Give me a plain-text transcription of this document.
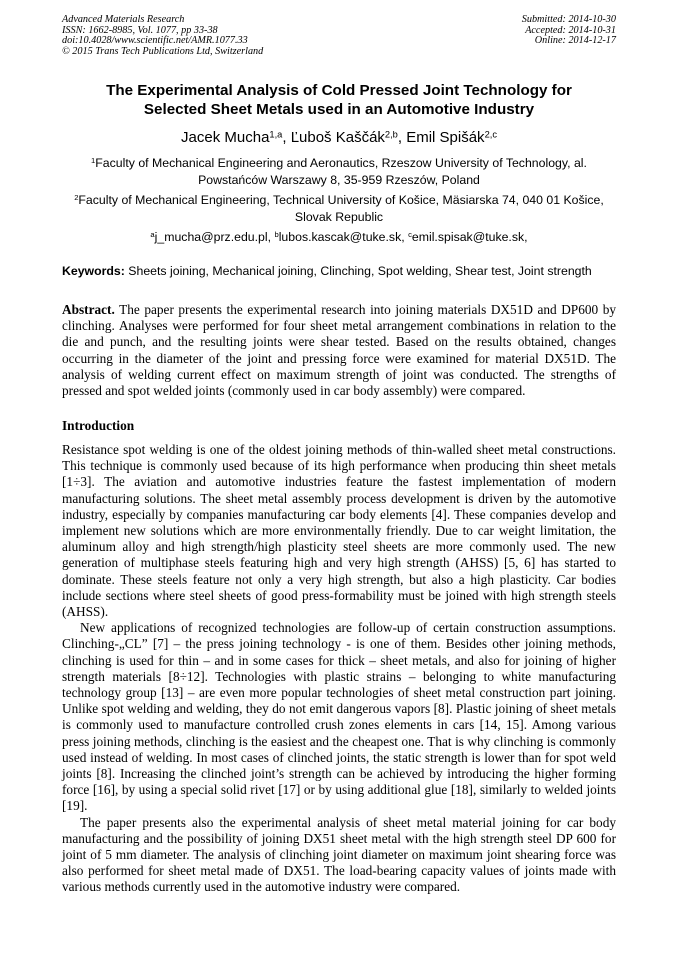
Advanced Materials Research
ISSN: 1662-8985, Vol. 1077, pp 33-38
doi:10.4028/www.scientific.net/AMR.1077.33
© 2015 Trans Tech Publications Ltd, Switzerland
Submitted: 2014-10-30
Accepted: 2014-10-31
Online: 2014-12-17
The Experimental Analysis of Cold Pressed Joint Technology for
Selected Sheet Metals used in an Automotive Industry
Jacek Mucha$^{1,a}$, Ľuboš Kaščák$^{2,b}$, Emil Spišák$^{2,c}$
$^1$Faculty of Mechanical Engineering and Aeronautics, Rzeszow University of Technology, al.
Powstańców Warszawy 8, 35-959 Rzeszów, Poland
$^2$Faculty of Mechanical Engineering, Technical University of Košice, Mäsiarska 74, 040 01 Košice,
Slovak Republic
$^a$j_mucha@prz.edu.pl, $^b$lubos.kascak@tuke.sk, $^c$emil.spisak@tuke.sk,
Keywords: Sheets joining, Mechanical joining, Clinching, Spot welding, Shear test, Joint strength
Abstract. The paper presents the experimental research into joining materials DX51D and DP600 by clinching. Analyses were performed for four sheet metal arrangement combinations in relation to the die and punch, and the resulting joints were shear tested. Based on the results obtained, changes occurring in the diameter of the joint and pressing force were examined for material DX51D. The analysis of welding current effect on maximum strength of joint was conducted. The strengths of pressed and spot welded joints (commonly used in car body assembly) were compared.
Introduction

Resistance spot welding is one of the oldest joining methods of thin-walled sheet metal constructions. This technique is commonly used because of its high performance when producing thin sheet metals [1÷3]. The aviation and automotive industries feature the fastest implementation of modern manufacturing solutions. The sheet metal assembly process development is driven by the automotive industry, especially by companies manufacturing car body elements [4]. These companies develop and implement new solutions which are more environmentally friendly. Due to car weight limitation, the aluminum alloy and high strength/high plasticity steel sheets are more commonly used. The new generation of multiphase steels featuring high and very high strength (AHSS) [5, 6] has started to dominate. These steels feature not only a very high strength, but also a high plasticity. Car bodies include sections where steel sheets of good press-formability must be joined with high strength steels (AHSS).

New applications of recognized technologies are follow-up of certain construction assumptions. Clinching-„CL” [7] – the press joining technology - is one of them. Besides other joining methods, clinching is used for thin – and in some cases for thick – sheet metals, and also for joining of higher strength materials [8÷12]. Technologies with plastic strains – belonging to white manufacturing technology group [13] – are even more popular technologies of sheet metal construction part joining. Unlike spot welding and welding, they do not emit dangerous vapors [8]. Plastic joining of sheet metals is commonly used to manufacture controlled crush zones elements in cars [14, 15]. Among various press joining methods, clinching is the easiest and the cheapest one. That is why clinching is commonly used instead of welding. In most cases of clinched joints, the static strength is lower than for spot weld joints [8]. Increasing the clinched joint’s strength can be achieved by introducing the higher forming force [16], by using a special solid rivet [17] or by using additional glue [18], similarly to welded joints [19].

The paper presents also the experimental analysis of sheet metal material joining for car body manufacturing and the possibility of joining DX51 sheet metal with the high strength steel DP 600 for joint of 5 mm diameter. The analysis of clinching joint diameter on maximum joint shearing force was also performed for sheet metal made of DX51. The load-bearing capacity values of joints made with various methods currently used in the automotive industry were compared.
